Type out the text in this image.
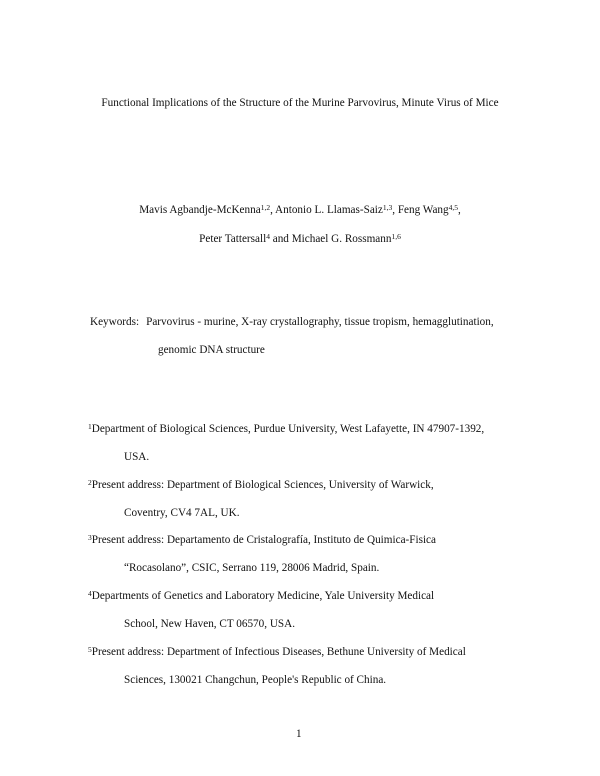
Functional Implications of the Structure of the Murine Parvovirus, Minute Virus of Mice
Mavis Agbandje-McKenna$^{1,2}$, Antonio L. Llamas-Saiz$^{1,3}$, Feng Wang$^{4,5}$,
Peter Tattersall$^4$ and Michael G. Rossmann$^{1,6}$
Keywords: Parvovirus - murine, X-ray crystallography, tissue tropism, hemagglutination,
genomic DNA structure
$^1$Department of Biological Sciences, Purdue University, West Lafayette, IN 47907-1392,
USA.
$^2$Present address: Department of Biological Sciences, University of Warwick,
Coventry, CV4 7AL, UK.
$^3$Present address: Departamento de Cristalografía, Instituto de Quimica-Fisica
“Rocasolano”, CSIC, Serrano 119, 28006 Madrid, Spain.
$^4$Departments of Genetics and Laboratory Medicine, Yale University Medical
School, New Haven, CT 06570, USA.
$^5$Present address: Department of Infectious Diseases, Bethune University of Medical
Sciences, 130021 Changchun, People's Republic of China.
1
